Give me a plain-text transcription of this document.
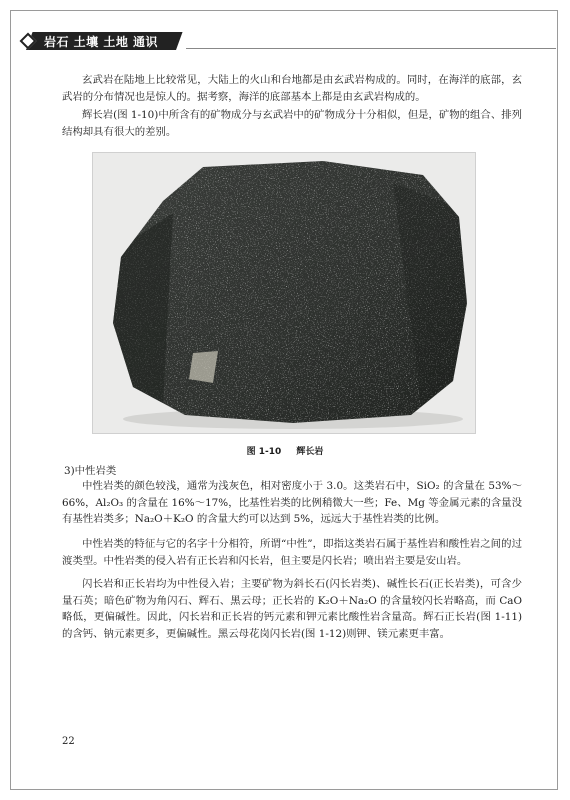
岩石 土壤 土地 通识

玄武岩在陆地上比较常见，大陆上的火山和台地都是由玄武岩构成的。同时，在海洋的底部，玄武岩的分布情况也是惊人的。据考察，海洋的底部基本上都是由玄武岩构成的。

辉长岩(图 1-10)中所含有的矿物成分与玄武岩中的矿物成分十分相似，但是，矿物的组合、排列结构却具有很大的差别。

图 1-10 辉长岩

3)中性岩类

中性岩类的颜色较浅，通常为浅灰色，相对密度小于 3.0。这类岩石中，SiO₂ 的含量在 53%～66%，Al₂O₃ 的含量在 16%～17%，比基性岩类的比例稍微大一些；Fe、Mg 等金属元素的含量没有基性岩类多；Na₂O＋K₂O 的含量大约可以达到 5%，远远大于基性岩类的比例。

中性岩类的特征与它的名字十分相符，所谓“中性”，即指这类岩石属于基性岩和酸性岩之间的过渡类型。中性岩类的侵入岩有正长岩和闪长岩，但主要是闪长岩；喷出岩主要是安山岩。

闪长岩和正长岩均为中性侵入岩；主要矿物为斜长石(闪长岩类)、碱性长石(正长岩类)，可含少量石英；暗色矿物为角闪石、辉石、黑云母；正长岩的 K₂O＋Na₂O 的含量较闪长岩略高，而 CaO 略低，更偏碱性。因此，闪长岩和正长岩的钙元素和钾元素比酸性岩含量高。辉石正长岩(图 1-11)的含钙、钠元素更多，更偏碱性。黑云母花岗闪长岩(图 1-12)则钾、镁元素更丰富。

22
